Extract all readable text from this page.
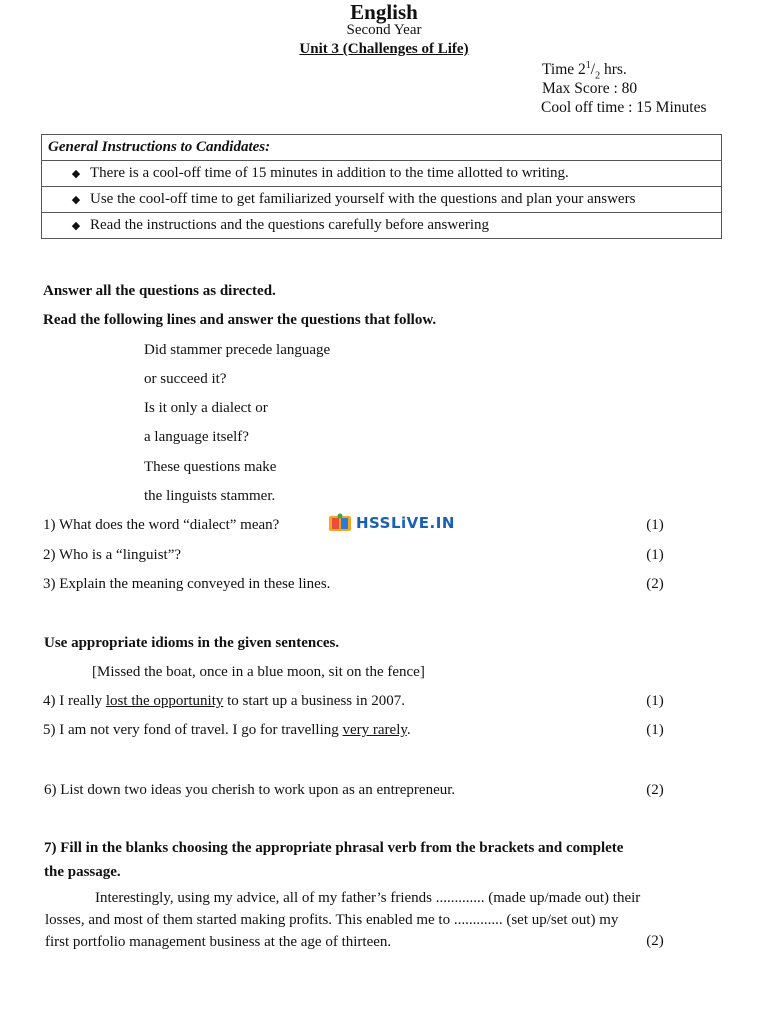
English
Second Year
Unit 3 (Challenges of Life)
Time $2^1/_2$ hrs.
Max Score : 80
Cool off time : 15 Minutes
General Instructions to Candidates:
◆ There is a cool-off time of 15 minutes in addition to the time allotted to writing.
◆ Use the cool-off time to get familiarized yourself with the questions and plan your answers
◆ Read the instructions and the questions carefully before answering
Answer all the questions as directed.
Read the following lines and answer the questions that follow.
Did stammer precede language
or succeed it?
Is it only a dialect or
a language itself?
These questions make
the linguists stammer.
1) What does the word “dialect” mean?	HSSLiVE.IN	(1)
2) Who is a “linguist”?	(1)
3) Explain the meaning conveyed in these lines.	(2)
Use appropriate idioms in the given sentences.
[Missed the boat, once in a blue moon, sit on the fence]
4) I really lost the opportunity to start up a business in 2007.	(1)
5) I am not very fond of travel. I go for travelling very rarely.	(1)
6) List down two ideas you cherish to work upon as an entrepreneur.	(2)
7) Fill in the blanks choosing the appropriate phrasal verb from the brackets and complete
the passage.
Interestingly, using my advice, all of my father’s friends ............. (made up/made out) their
losses, and most of them started making profits. This enabled me to ............. (set up/set out) my
first portfolio management business at the age of thirteen.	(2)
